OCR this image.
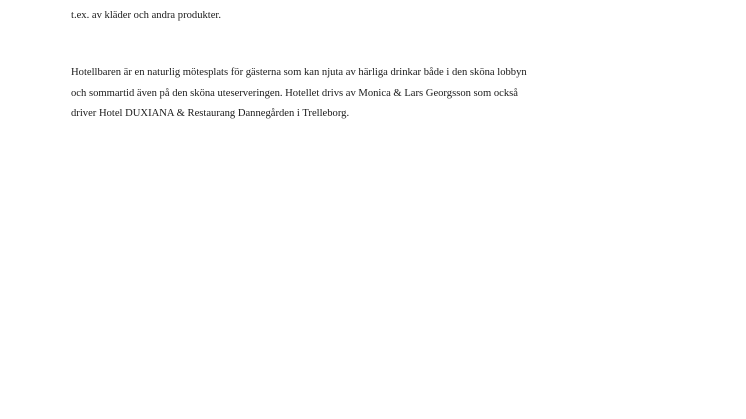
t.ex. av kläder och andra produkter.

Hotellbaren är en naturlig mötesplats för gästerna som kan njuta av härliga drinkar både i den sköna lobbyn
och sommartid även på den sköna uteserveringen. Hotellet drivs av Monica & Lars Georgsson som också
driver Hotel DUXIANA & Restaurang Dannegården i Trelleborg.
